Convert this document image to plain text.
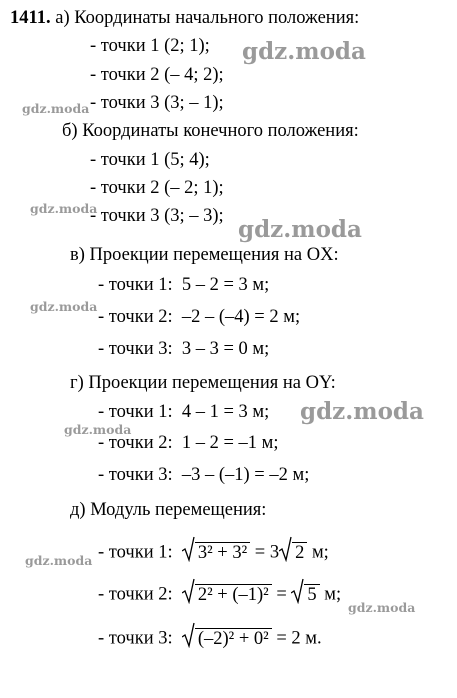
1411. а) Координаты начального положения:
- точки 1 (2; 1);
- точки 2 (– 4; 2);
- точки 3 (3; – 1);
б) Координаты конечного положения:
- точки 1 (5; 4);
- точки 2 (– 2; 1);
- точки 3 (3; – 3);
в) Проекции перемещения на OX:
- точки 1: 5 – 2 = 3 м;
- точки 2: –2 – (–4) = 2 м;
- точки 3: 3 – 3 = 0 м;
г) Проекции перемещения на OY:
- точки 1: 4 – 1 = 3 м;
- точки 2: 1 – 2 = –1 м;
- точки 3: –3 – (–1) = –2 м;
д) Модуль перемещения:
- точки 1: 3² + 3² = 3 2 м;
- точки 2: 2² + (–1)² = 5 м;
- точки 3: (–2)² + 0² = 2 м.
gdz.moda
gdz.moda
gdz.moda
gdz.moda
gdz.moda
gdz.moda
gdz.moda
gdz.moda
gdz.moda
